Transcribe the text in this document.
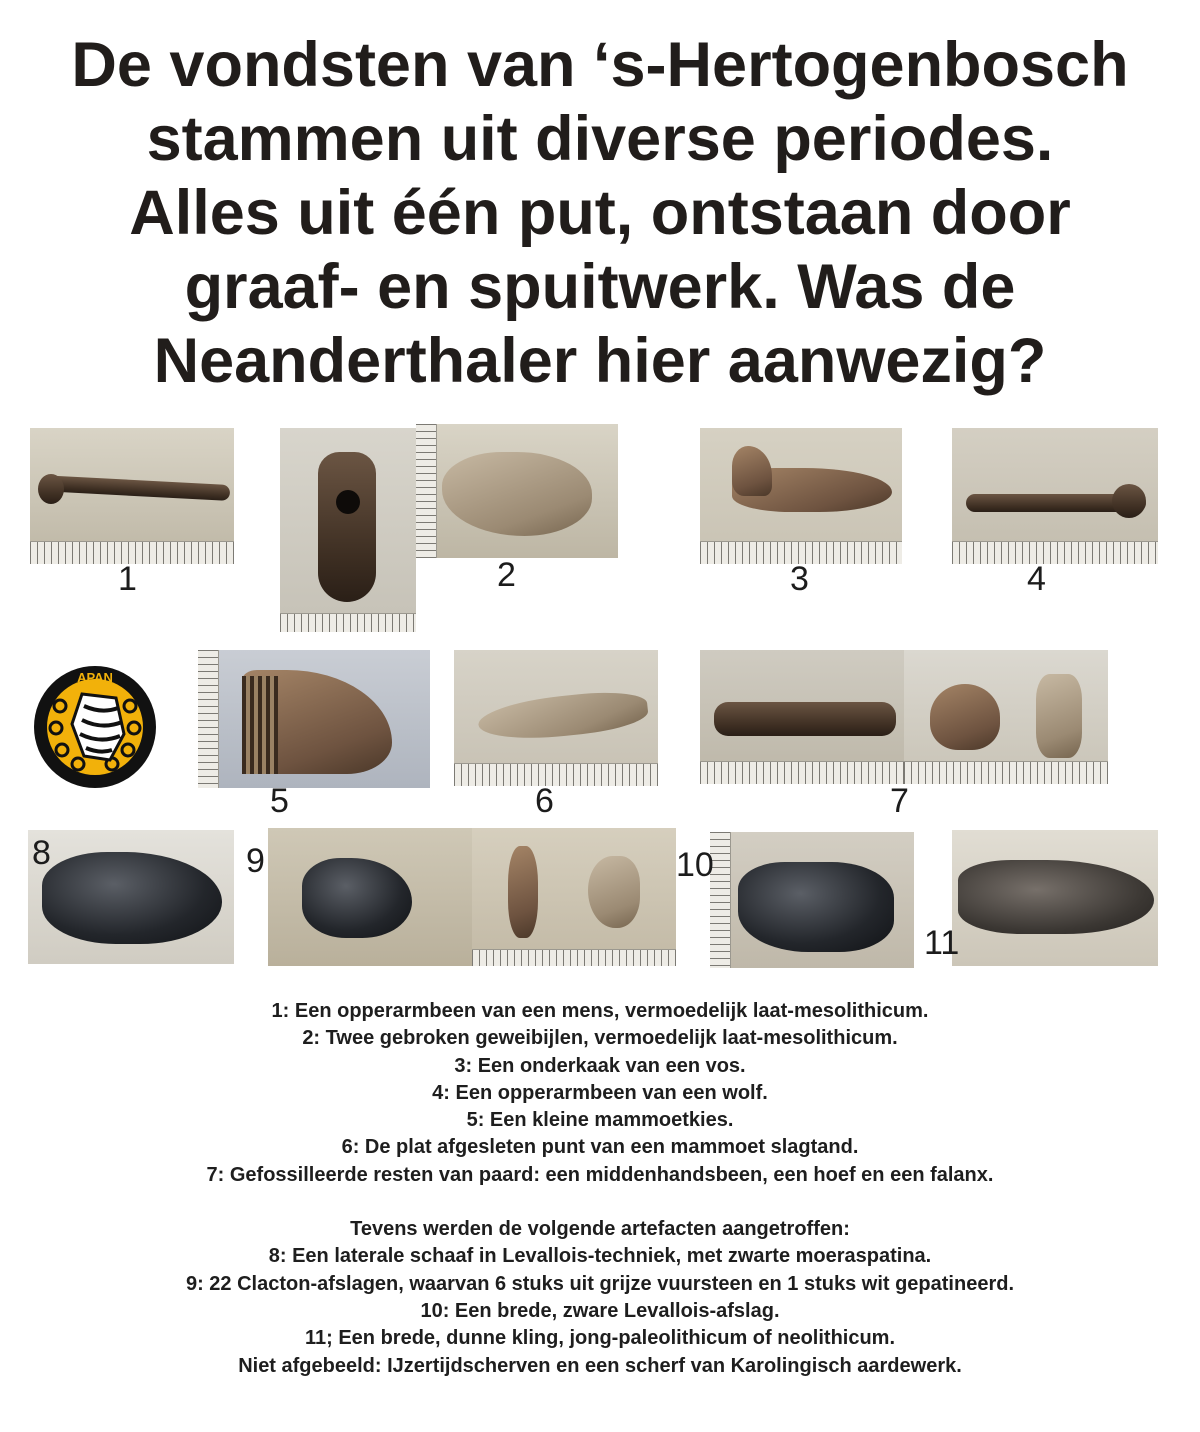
De vondsten van ‘s-Hertogenbosch
stammen uit diverse periodes.
Alles uit één put, ontstaan door
graaf- en spuitwerk. Was de
Neanderthaler hier aanwezig?
1	2	3	4
APAN
5	6	7
8	9	10
11
1: Een opperarmbeen van een mens, vermoedelijk laat-mesolithicum.
2: Twee gebroken geweibijlen, vermoedelijk laat-mesolithicum.
3: Een onderkaak van een vos.
4: Een opperarmbeen van een wolf.
5: Een kleine mammoetkies.
6: De plat afgesleten punt van een mammoet slagtand.
7: Gefossilleerde resten van paard: een middenhandsbeen, een hoef en een falanx.
Tevens werden de volgende artefacten aangetroffen:
8: Een laterale schaaf in Levallois-techniek, met zwarte moeraspatina.
9: 22 Clacton-afslagen, waarvan 6 stuks uit grijze vuursteen en 1 stuks wit gepatineerd.
10: Een brede, zware Levallois-afslag.
11; Een brede, dunne kling, jong-paleolithicum of neolithicum.
Niet afgebeeld: IJzertijdscherven en een scherf van Karolingisch aardewerk.
